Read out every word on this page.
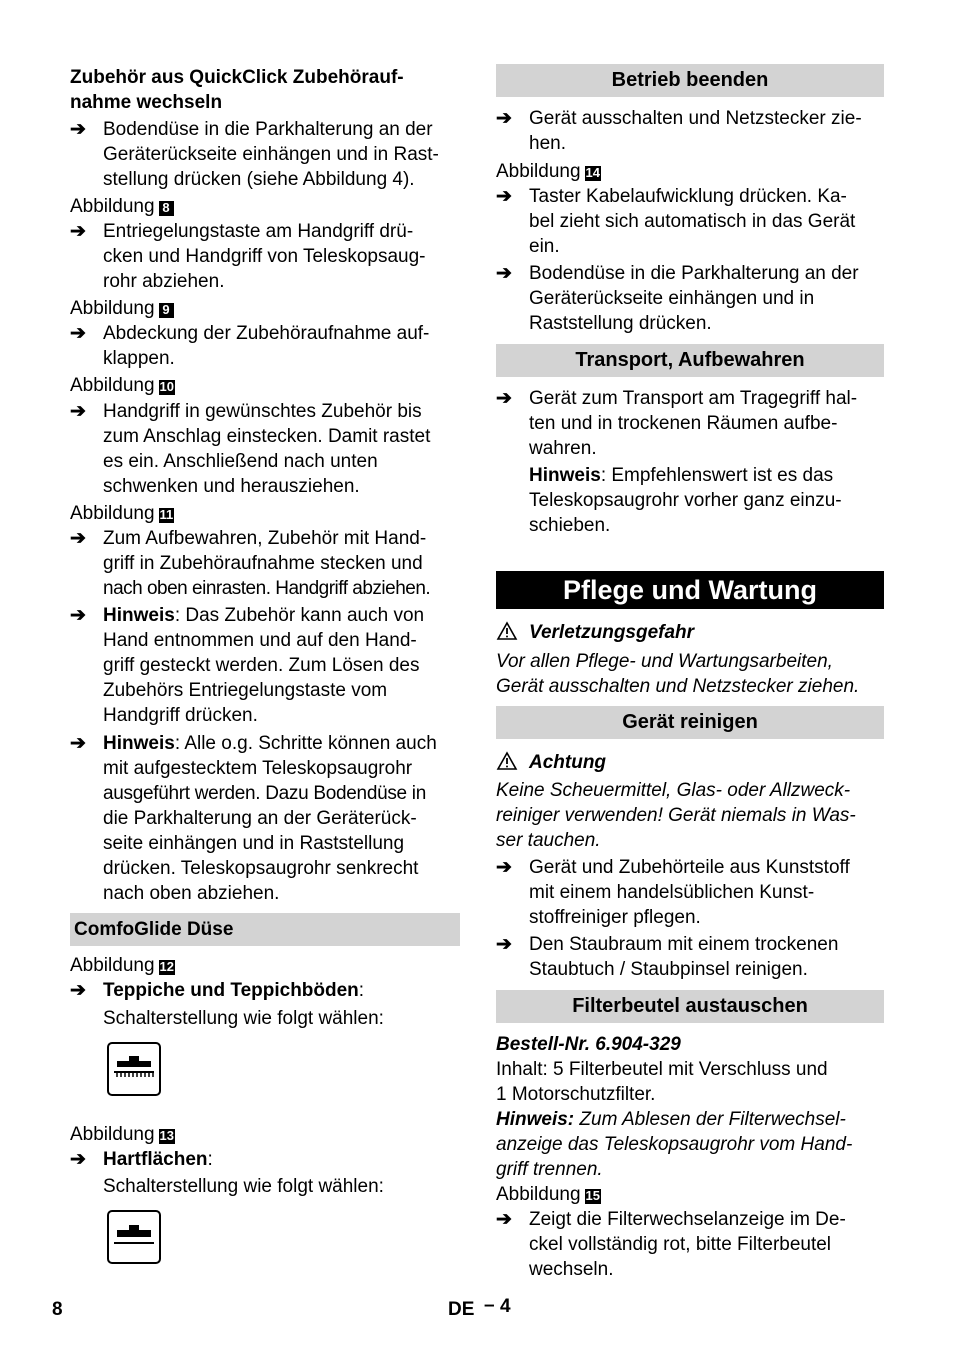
Zubehör aus QuickClick Zubehörauf-
nahme wechseln
➔ Bodendüse in die Parkhalterung an der
Geräterückseite einhängen und in Rast-
stellung drücken (siehe Abbildung 4).
Abbildung 8
➔ Entriegelungstaste am Handgriff drü-
cken und Handgriff von Teleskopsaug-
rohr abziehen.
Abbildung 9
➔ Abdeckung der Zubehöraufnahme auf-
klappen.
Abbildung 10
➔ Handgriff in gewünschtes Zubehör bis
zum Anschlag einstecken. Damit rastet
es ein. Anschließend nach unten
schwenken und herausziehen.
Abbildung 11
➔ Zum Aufbewahren, Zubehör mit Hand-
griff in Zubehöraufnahme stecken und
nach oben einrasten. Handgriff abziehen.
➔ Hinweis: Das Zubehör kann auch von
Hand entnommen und auf den Hand-
griff gesteckt werden. Zum Lösen des
Zubehörs Entriegelungstaste vom
Handgriff drücken.
➔ Hinweis: Alle o.g. Schritte können auch
mit aufgestecktem Teleskopsaugrohr
ausgeführt werden. Dazu Bodendüse in
die Parkhalterung an der Geräterück-
seite einhängen und in Raststellung
drücken. Teleskopsaugrohr senkrecht
nach oben abziehen.
ComfoGlide Düse
Abbildung 12
➔ Teppiche und Teppichböden:
Schalterstellung wie folgt wählen:
Abbildung 13
➔ Hartflächen:
Schalterstellung wie folgt wählen:
Betrieb beenden
➔ Gerät ausschalten und Netzstecker zie-
hen.
Abbildung 14
➔ Taster Kabelaufwicklung drücken. Ka-
bel zieht sich automatisch in das Gerät
ein.
➔ Bodendüse in die Parkhalterung an der
Geräterückseite einhängen und in
Raststellung drücken.
Transport, Aufbewahren
➔ Gerät zum Transport am Tragegriff hal-
ten und in trockenen Räumen aufbe-
wahren.
Hinweis: Empfehlenswert ist es das
Teleskopsaugrohr vorher ganz einzu-
schieben.
Pflege und Wartung
Verletzungsgefahr
Vor allen Pflege- und Wartungsarbeiten,
Gerät ausschalten und Netzstecker ziehen.
Gerät reinigen
Achtung
Keine Scheuermittel, Glas- oder Allzweck-
reiniger verwenden! Gerät niemals in Was-
ser tauchen.
➔ Gerät und Zubehörteile aus Kunststoff
mit einem handelsüblichen Kunst-
stoffreiniger pflegen.
➔ Den Staubraum mit einem trockenen
Staubtuch / Staubpinsel reinigen.
Filterbeutel austauschen
Bestell-Nr. 6.904-329
Inhalt: 5 Filterbeutel mit Verschluss und
1 Motorschutzfilter.
Hinweis: Zum Ablesen der Filterwechsel-
anzeige das Teleskopsaugrohr vom Hand-
griff trennen.
Abbildung 15
➔ Zeigt die Filterwechselanzeige im De-
ckel vollständig rot, bitte Filterbeutel
wechseln.
8	DE – 4
